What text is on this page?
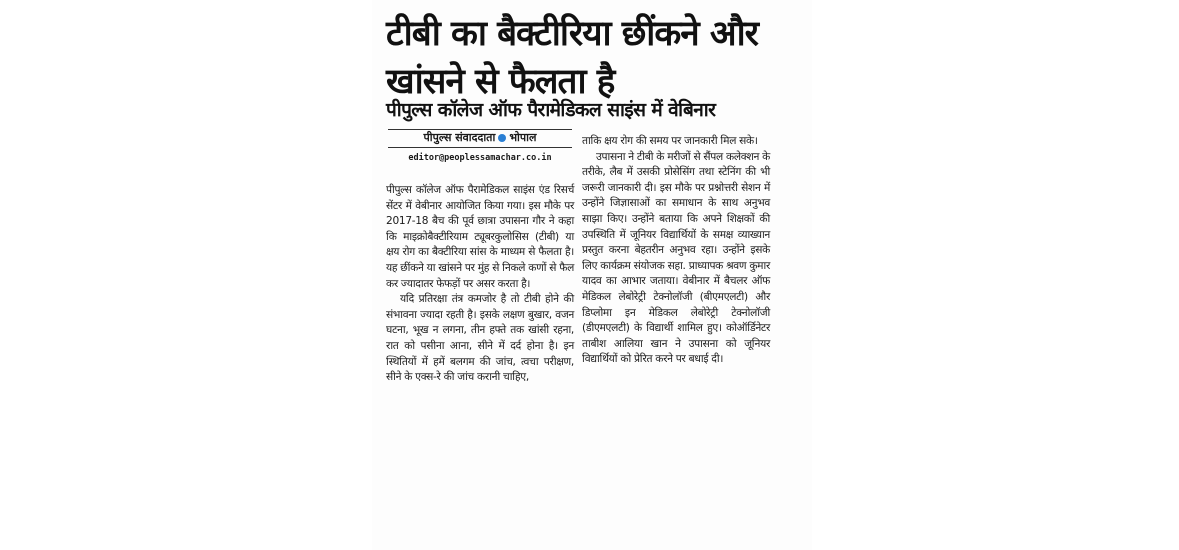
टीबी का बैक्टीरिया छींकने और खांसने से फैलता है
पीपुल्स कॉलेज ऑफ पैरामेडिकल साइंस में वेबिनार
पीपुल्स संवाददाता भोपाल
editor@peoplessamachar.co.in

पीपुल्स कॉलेज ऑफ पैरामेडिकल साइंस एंड रिसर्च सेंटर में वेबीनार आयोजित किया गया। इस मौके पर 2017-18 बैच की पूर्व छात्रा उपासना गौर ने कहा कि माइक्रोबैक्टीरियाम ट्यूबरकुलोसिस (टीबी) या क्षय रोग का बैक्टीरिया सांस के माध्यम से फैलता है। यह छींकने या खांसने पर मुंह से निकले कणों से फैल कर ज्यादातर फेफड़ों पर असर करता है।

यदि प्रतिरक्षा तंत्र कमजोर है तो टीबी होने की संभावना ज्यादा रहती है। इसके लक्षण बुखार, वजन घटना, भूख न लगना, तीन हफ्ते तक खांसी रहना, रात को पसीना आना, सीने में दर्द होना है। इन स्थितियों में हमें बलगम की जांच, त्वचा परीक्षण, सीने के एक्स-रे की जांच करानी चाहिए,

ताकि क्षय रोग की समय पर जानकारी मिल सके।

उपासना ने टीबी के मरीजों से सैंपल कलेक्शन के तरीके, लैब में उसकी प्रोसेसिंग तथा स्टेनिंग की भी जरूरी जानकारी दी। इस मौके पर प्रश्नोत्तरी सेशन में उन्होंने जिज्ञासाओं का समाधान के साथ अनुभव साझा किए। उन्होंने बताया कि अपने शिक्षकों की उपस्थिति में जूनियर विद्यार्थियों के समक्ष व्याख्यान प्रस्तुत करना बेहतरीन अनुभव रहा। उन्होंने इसके लिए कार्यक्रम संयोजक सहा. प्राध्यापक श्रवण कुमार यादव का आभार जताया। वेबीनार में बैचलर ऑफ मेडिकल लेबोरेट्री टेक्नोलॉजी (बीएमएलटी) और डिप्लोमा इन मेडिकल लेबोरेट्री टेक्नोलॉजी (डीएमएलटी) के विद्यार्थी शामिल हुए। कोऑर्डिनेटर ताबीश आलिया खान ने उपासना को जूनियर विद्यार्थियों को प्रेरित करने पर बधाई दी।
